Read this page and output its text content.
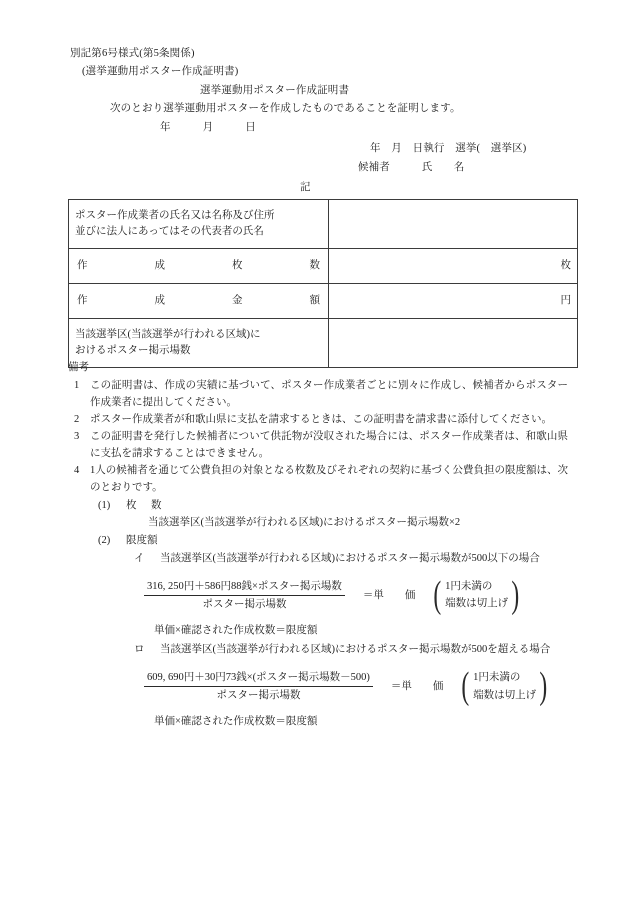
別記第6号様式(第5条関係)
(選挙運動用ポスター作成証明書)
選挙運動用ポスター作成証明書
次のとおり選挙運動用ポスターを作成したものであることを証明します。
年　　　月　　　日
年　月　日執行　選挙(　選挙区)
候補者　　　氏　　名
記
ポスター作成業者の氏名又は名称及び住所
並びに法人にあってはその代表者の氏名	

作　　　　　成　　　　　枚　　　　　数	枚

作　　　　　成　　　　　金　　　　　額	円

当該選挙区(当該選挙が行われる区域)に
おけるポスター掲示場数	

備考
1 この証明書は、作成の実績に基づいて、ポスター作成業者ごとに別々に作成し、候補者からポスター作成業者に提出してください。
2 ポスター作成業者が和歌山県に支払を請求するときは、この証明書を請求書に添付してください。
3 この証明書を発行した候補者について供託物が没収された場合には、ポスター作成業者は、和歌山県に支払を請求することはできません。
4 1人の候補者を通じて公費負担の対象となる枚数及びそれぞれの契約に基づく公費負担の限度額は、次のとおりです。
(1) 枚　数
当該選挙区(当該選挙が行われる区域)におけるポスター掲示場数×2
(2) 限度額
イ 当該選挙区(当該選挙が行われる区域)におけるポスター掲示場数が500以下の場合
$\frac{\text{316, 250円＋586円88銭×ポスター掲示場数}}{\text{ポスター掲示場数}}$ ＝単　　価 ( 1円未満の
端数は切上げ )
単価×確認された作成枚数＝限度額
ロ 当該選挙区(当該選挙が行われる区域)におけるポスター掲示場数が500を超える場合
$\frac{\text{609, 690円＋30円73銭×(ポスター掲示場数－500)}}{\text{ポスター掲示場数}}$ ＝単　　価 ( 1円未満の
端数は切上げ )
単価×確認された作成枚数＝限度額
